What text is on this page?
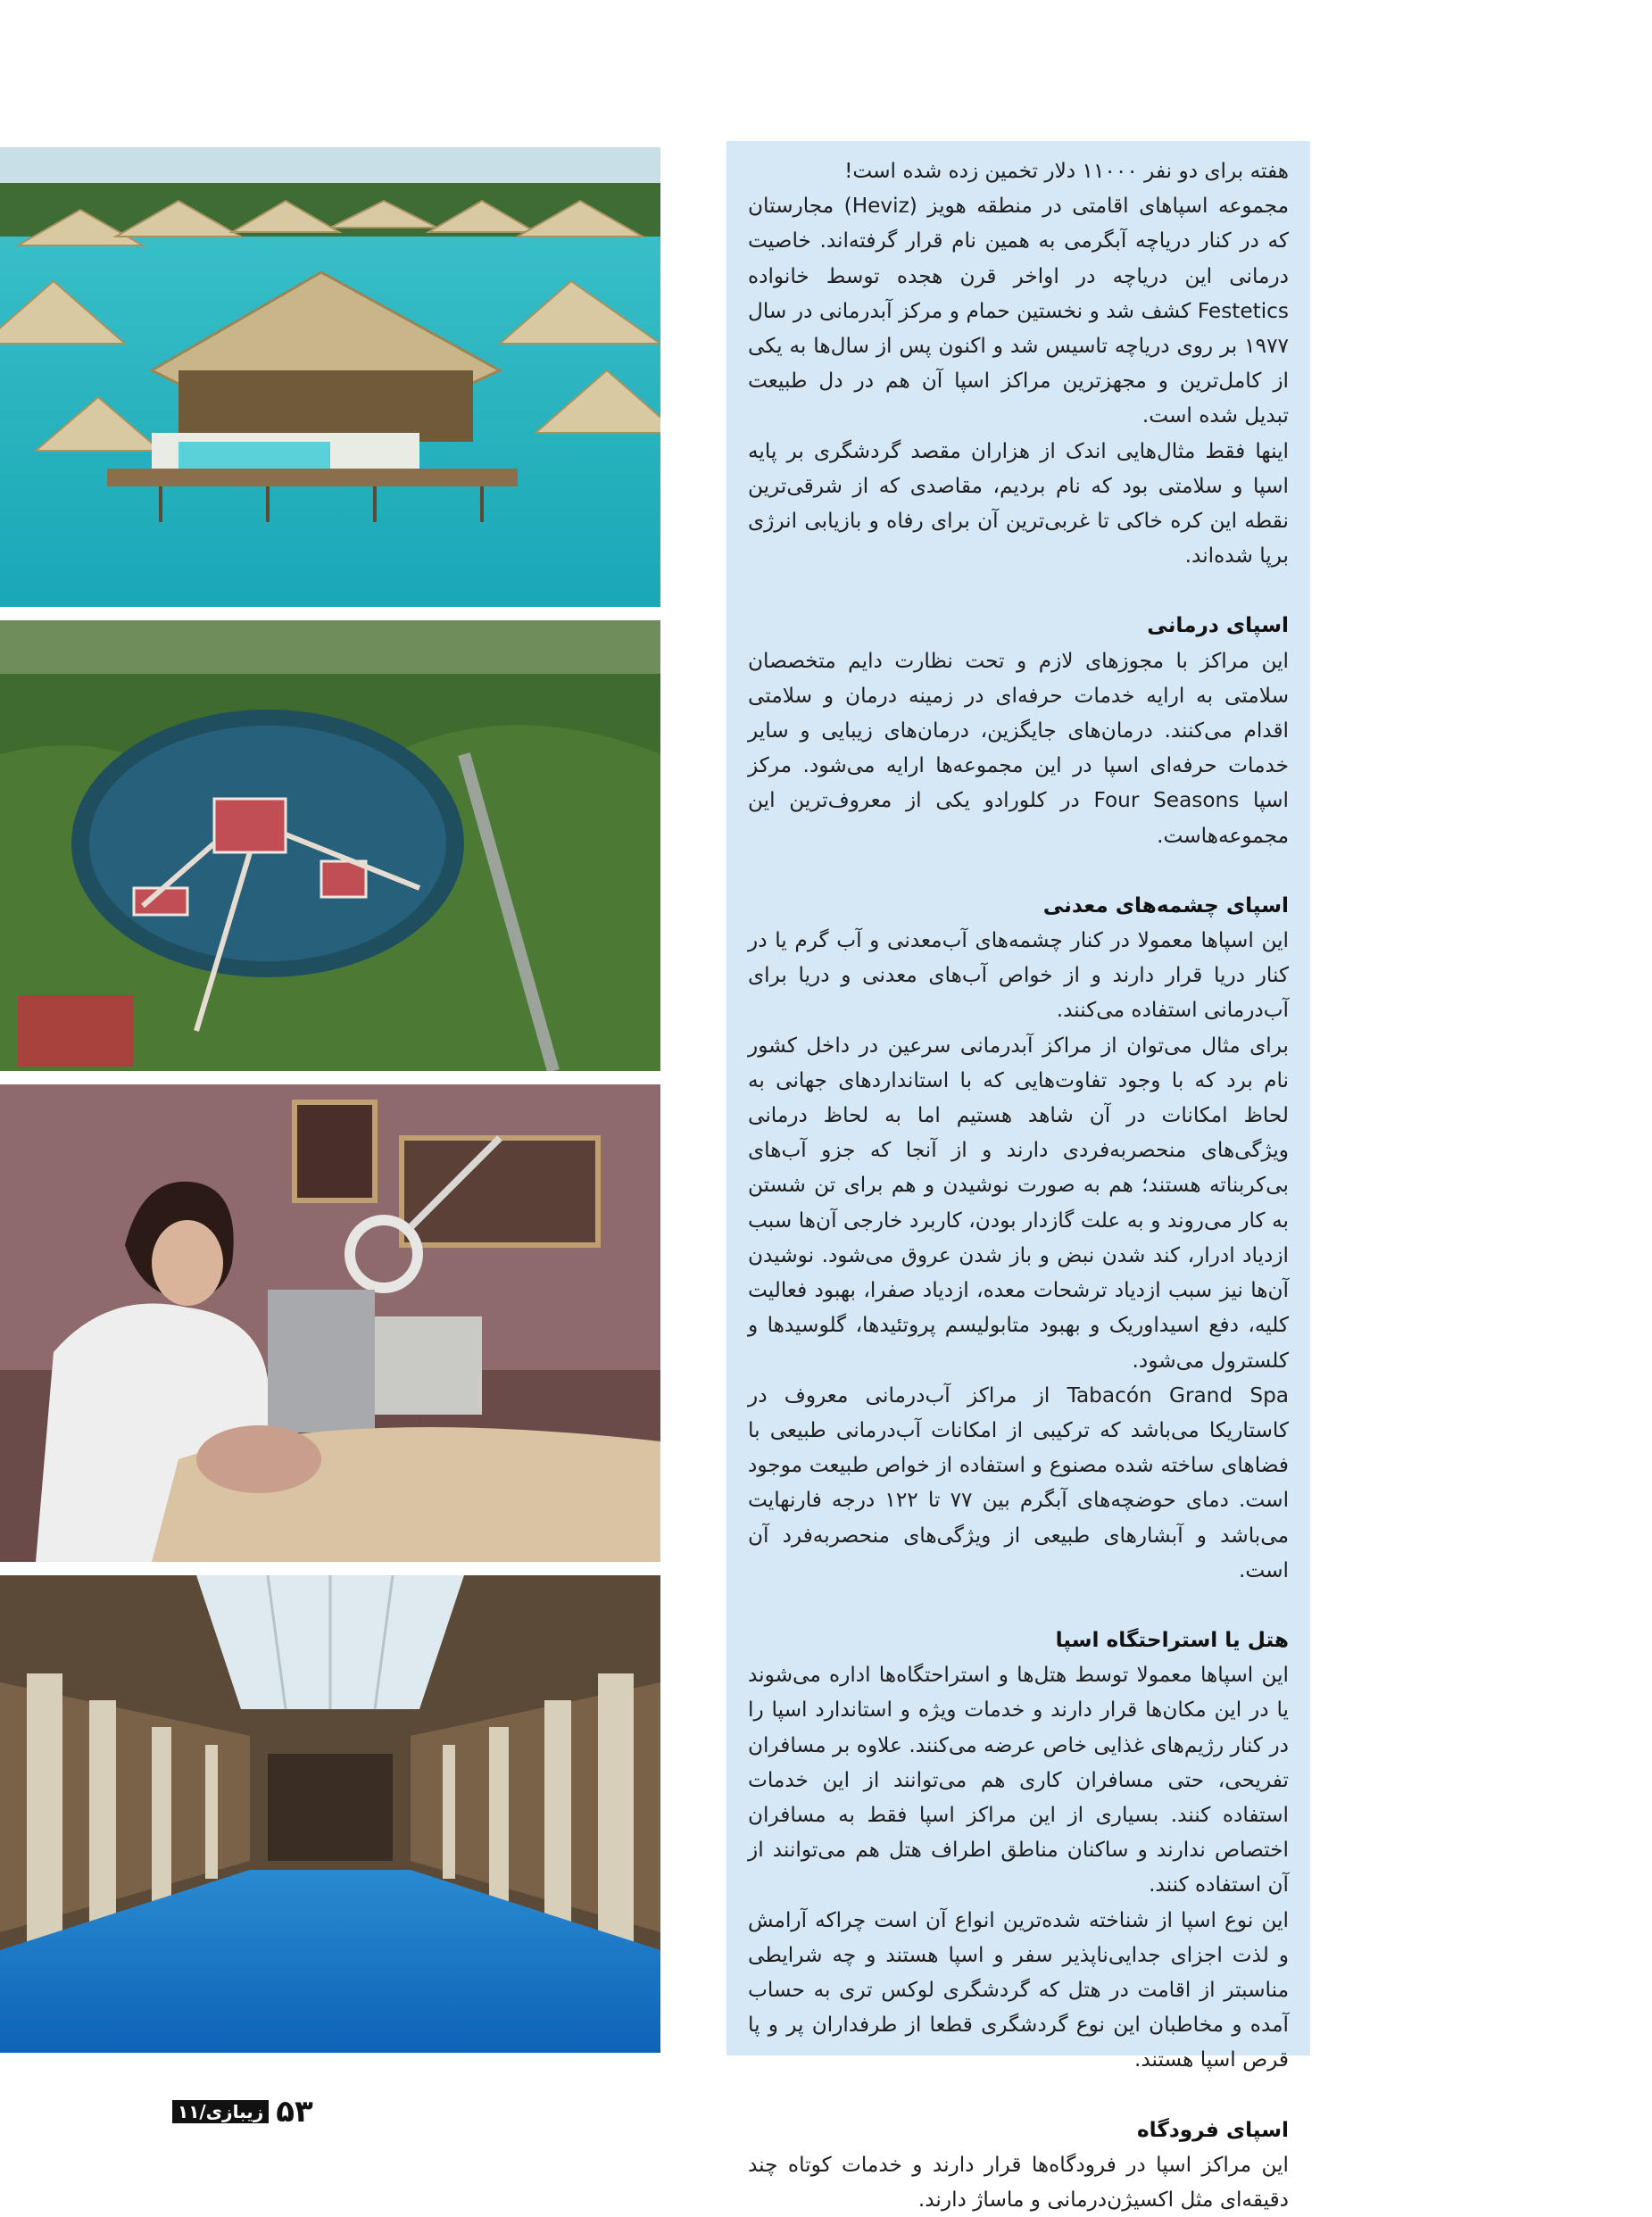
هفته برای دو نفر ۱۱۰۰۰ دلار تخمین زده شده است!

مجموعه اسپاهای اقامتی در منطقه هویز (Heviz) مجارستان که در کنار دریاچه آبگرمی به همین نام قرار گرفته‌اند. خاصیت درمانی این دریاچه در اواخر قرن هجده توسط خانواده Festetics کشف شد و نخستین حمام و مرکز آبدرمانی در سال ۱۹۷۷ بر روی دریاچه تاسیس شد و اکنون پس از سال‌ها به یکی از کامل‌ترین و مجهزترین مراکز اسپا آن هم در دل طبیعت تبدیل شده است.

اینها فقط مثال‌هایی اندک از هزاران مقصد گردشگری بر پایه اسپا و سلامتی بود که نام بردیم، مقاصدی که از شرقی‌ترین نقطه این کره خاکی تا غربی‌ترین آن برای رفاه و بازیابی انرژی برپا شده‌اند.

اسپای درمانی

این مراکز با مجوزهای لازم و تحت نظارت دایم متخصصان سلامتی به ارایه خدمات حرفه‌ای در زمینه درمان و سلامتی اقدام می‌کنند. درمان‌های جایگزین، درمان‌های زیبایی و سایر خدمات حرفه‌ای اسپا در این مجموعه‌ها ارایه می‌شود. مرکز اسپا Four Seasons در کلورادو یکی از معروف‌ترین این مجموعه‌هاست.

اسپای چشمه‌های معدنی

این اسپاها معمولا در کنار چشمه‌های آب‌معدنی و آب گرم یا در کنار دریا قرار دارند و از خواص آب‌های معدنی و دریا برای آب‌درمانی استفاده می‌کنند.

برای مثال می‌توان از مراکز آبدرمانی سرعین در داخل کشور نام برد که با وجود تفاوت‌هایی که با استانداردهای جهانی به لحاظ امکانات در آن شاهد هستیم اما به لحاظ درمانی ویژگی‌های منحصربه‌فردی دارند و از آنجا که جزو آب‌های بی‌کربناته هستند؛ هم به صورت نوشیدن و هم برای تن شستن به کار می‌روند و به علت گازدار بودن، کاربرد خارجی آن‌ها سبب ازدیاد ادرار، کند شدن نبض و باز شدن عروق می‌شود. نوشیدن آن‌ها نیز سبب ازدیاد ترشحات معده، ازدیاد صفرا، بهبود فعالیت کلیه، دفع اسیداوریک و بهبود متابولیسم پروتئیدها، گلوسیدها و کلسترول می‌شود.

Tabacón Grand Spa از مراکز آب‌درمانی معروف در کاستاریکا می‌باشد که ترکیبی از امکانات آب‌درمانی طبیعی با فضاهای ساخته شده مصنوع و استفاده از خواص طبیعت موجود است. دمای حوضچه‌های آبگرم بین ۷۷ تا ۱۲۲ درجه فارنهایت می‌باشد و آبشارهای طبیعی از ویژگی‌های منحصربه‌فرد آن است.

هتل یا استراحتگاه اسپا

این اسپاها معمولا توسط هتل‌ها و استراحتگاه‌ها اداره می‌شوند یا در این مکان‌ها قرار دارند و خدمات ویژه و استاندارد اسپا را در کنار رژیم‌های غذایی خاص عرضه می‌کنند. علاوه بر مسافران تفریحی، حتی مسافران کاری هم می‌توانند از این خدمات استفاده کنند. بسیاری از این مراکز اسپا فقط به مسافران اختصاص ندارند و ساکنان مناطق اطراف هتل هم می‌توانند از آن استفاده کنند.

این نوع اسپا از شناخته شده‌ترین انواع آن است چراکه آرامش و لذت اجزای جدایی‌ناپذیر سفر و اسپا هستند و چه شرایطی مناسبتر از اقامت در هتل که گردشگری لوکس تری به حساب آمده و مخاطبان این نوع گردشگری قطعا از طرفداران پر و پا قرص اسپا هستند.

اسپای فرودگاه

این مراکز اسپا در فرودگاه‌ها قرار دارند و خدمات کوتاه چند دقیقه‌ای مثل اکسیژن‌درمانی و ماساژ دارند.

۵۳
زیبازی/۱۱
